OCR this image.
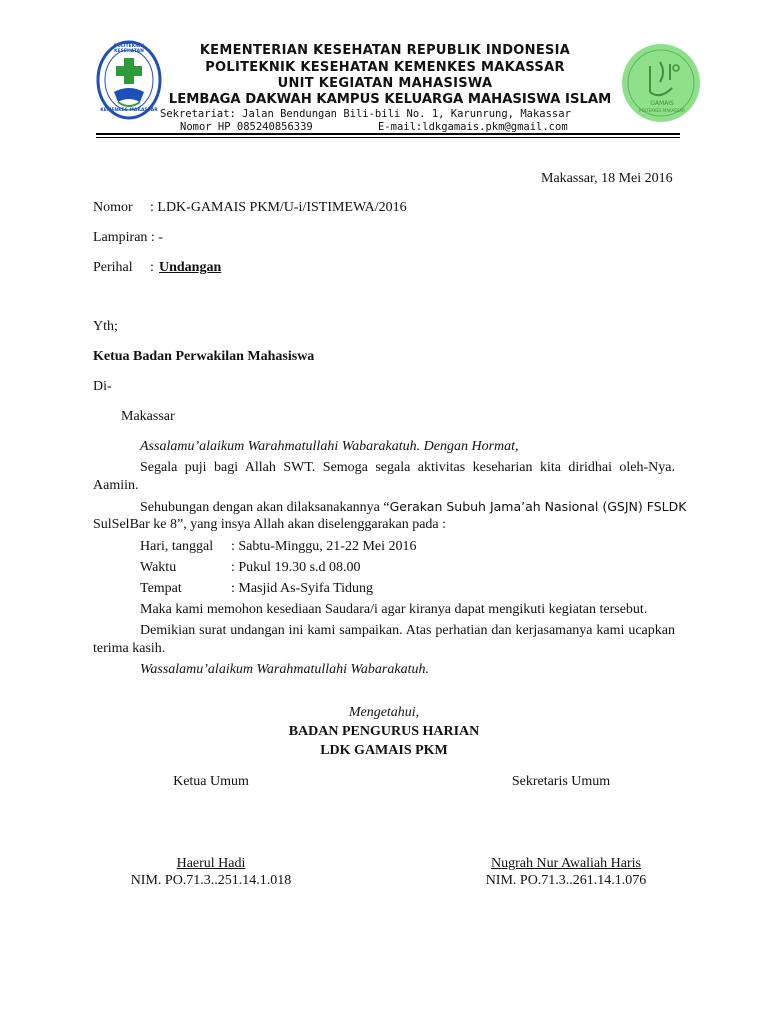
POLITEKNIK KESEHATAN
KEMENKES MAKASSAR
KEMENTERIAN KESEHATAN REPUBLIK INDONESIA
POLITEKNIK KESEHATAN KEMENKES MAKASSAR
UNIT KEGIATAN MAHASISWA
LEMBAGA DAKWAH KAMPUS KELUARGA MAHASISWA ISLAM
Sekretariat: Jalan Bendungan Bili-bili No. 1, Karunrung, Makassar
Nomor HP 085240856339	E-mail:ldkgamais.pkm@gmail.com
GAMAIS
POLTEKKES MAKASSAR
Makassar, 18 Mei 2016
Nomor : LDK-GAMAIS PKM/U-i/ISTIMEWA/2016
Lampiran : -
Perihal : Undangan
Yth;
Ketua Badan Perwakilan Mahasiswa
Di-
Makassar
Assalamu’alaikum Warahmatullahi Wabarakatuh. Dengan Hormat,
Segala puji bagi Allah SWT. Semoga segala aktivitas keseharian kita diridhai oleh-Nya.
Aamiin.
Sehubungan dengan akan dilaksanakannya “Gerakan Subuh Jama’ah Nasional (GSJN) FSLDK
SulSelBar ke 8”, yang insya Allah akan diselenggarakan pada :
Hari, tanggal : Sabtu-Minggu, 21-22 Mei 2016
Waktu	: Pukul 19.30 s.d 08.00
Tempat	: Masjid As-Syifa Tidung
Maka kami memohon kesediaan Saudara/i agar kiranya dapat mengikuti kegiatan tersebut.
Demikian surat undangan ini kami sampaikan. Atas perhatian dan kerjasamanya kami ucapkan
terima kasih.
Wassalamu’alaikum Warahmatullahi Wabarakatuh.
Mengetahui,
BADAN PENGURUS HARIAN
LDK GAMAIS PKM
Ketua Umum	Sekretaris Umum
Haerul Hadi
NIM. PO.71.3..251.14.1.018
Nugrah Nur Awaliah Haris
NIM. PO.71.3..261.14.1.076
